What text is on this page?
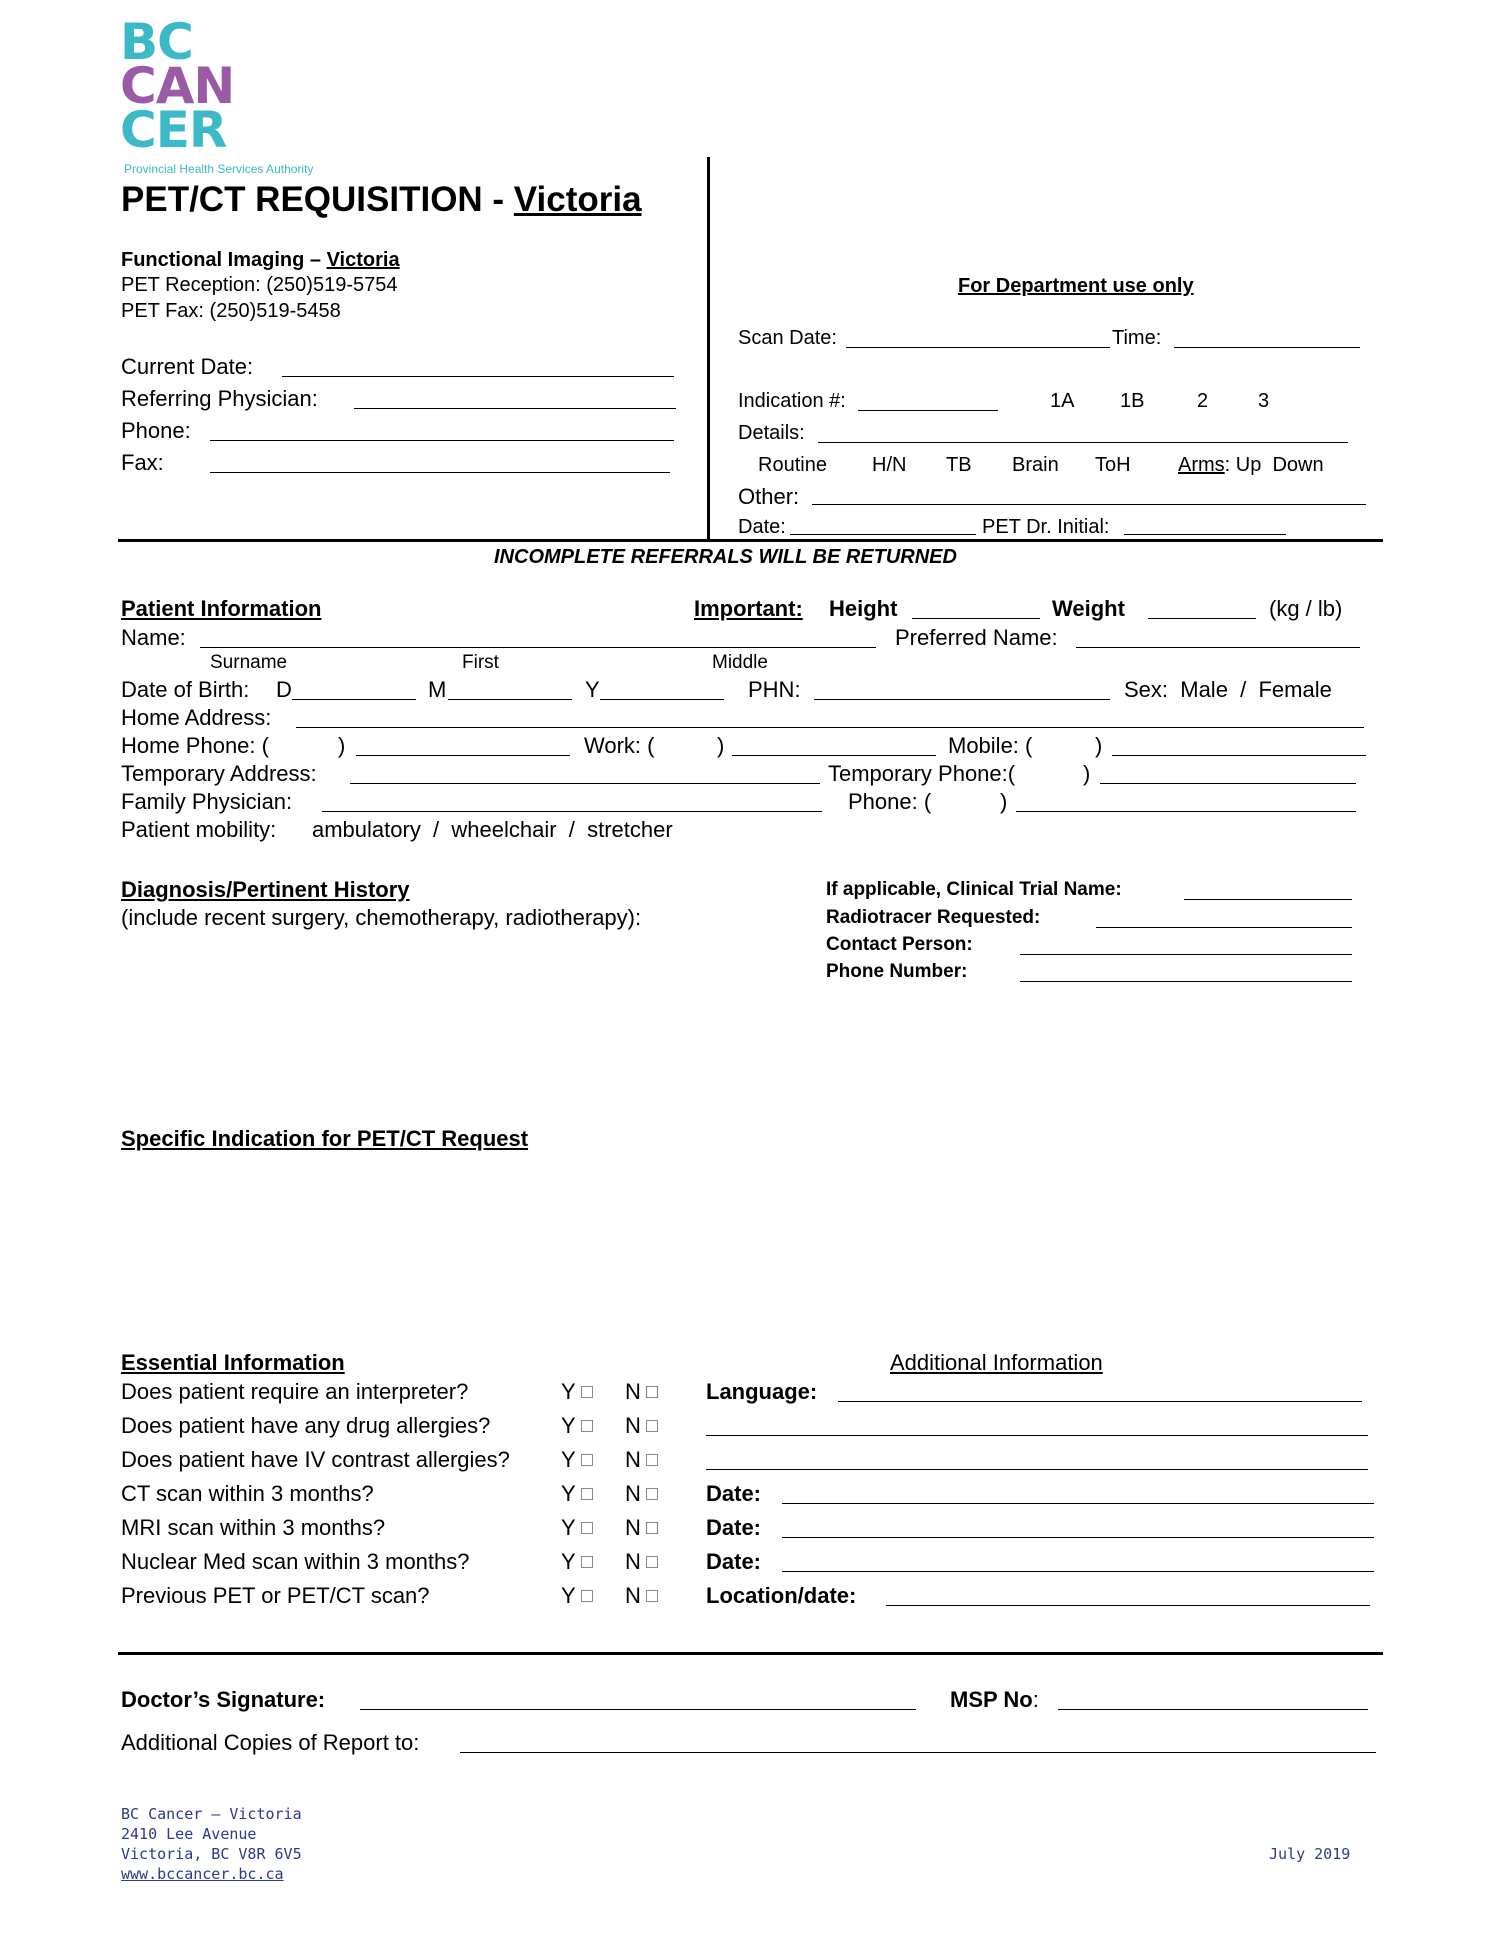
BC
CAN
CER
Provincial Health Services Authority
PET/CT REQUISITION - Victoria
Functional Imaging – Victoria
PET Reception: (250)519-5754
PET Fax: (250)519-5458
Current Date:
Referring Physician:
Phone:
Fax:
For Department use only
Scan Date:	Time:
Indication #:	1A 1B	2 3
Details:
Routine H/N TB Brain ToH Arms: Up  Down
Other:
Date:	PET Dr. Initial:
INCOMPLETE REFERRALS WILL BE RETURNED
Patient Information	Important: Height	Weight	(kg / lb)
Name:	Preferred Name:
Surname	First	Middle
Date of Birth: D	M	Y	PHN:	Sex:  Male  /  Female
Home Address:
Home Phone: (	)	Work: (	)	Mobile: (	)
Temporary Address:	Temporary Phone:(	)
Family Physician:	Phone: (	)
Patient mobility: ambulatory  /  wheelchair  /  stretcher
Diagnosis/Pertinent History
(include recent surgery, chemotherapy, radiotherapy):
If applicable, Clinical Trial Name:
Radiotracer Requested:
Contact Person:
Phone Number:
Specific Indication for PET/CT Request
Essential Information	Additional Information
Does patient require an interpreter?	Y	N	Language:
Does patient have any drug allergies?	Y	N
Does patient have IV contrast allergies? Y	N
CT scan within 3 months?	Y	N	Date:
MRI scan within 3 months?	Y	N	Date:
Nuclear Med scan within 3 months?	Y	N	Date:
Previous PET or PET/CT scan?	Y	N	Location/date:
Doctor’s Signature:	MSP No:
Additional Copies of Report to:
BC Cancer – Victoria
2410 Lee Avenue
Victoria, BC V8R 6V5
www.bccancer.bc.ca
July 2019
